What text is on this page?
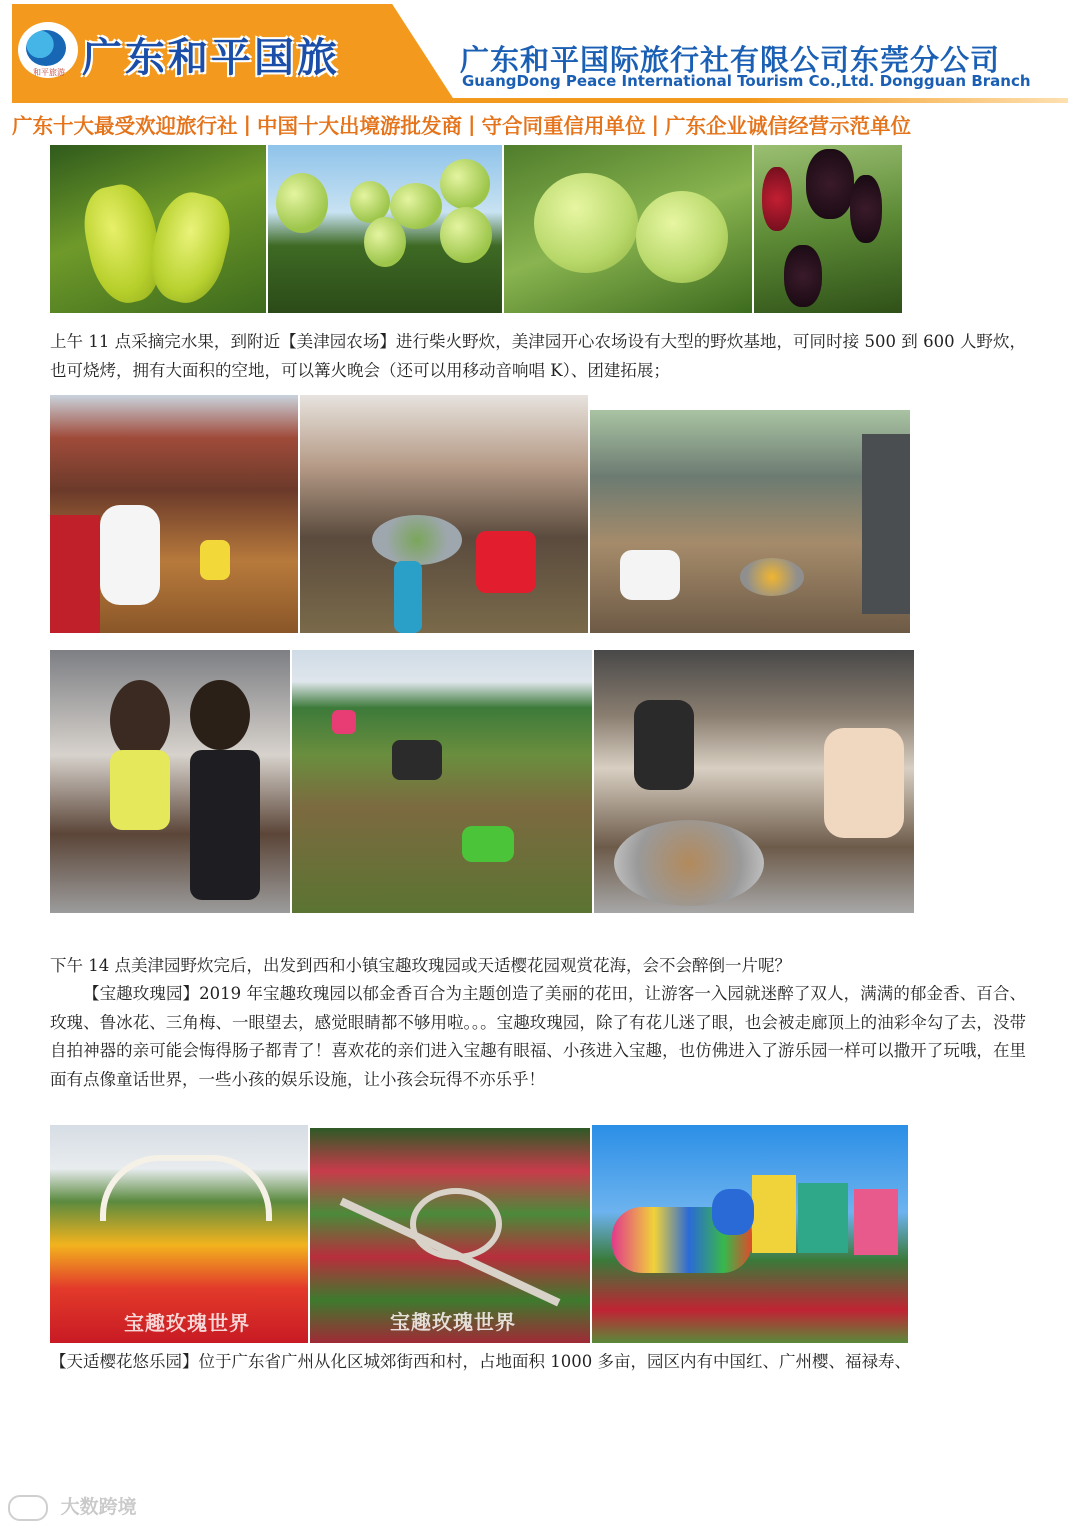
和平旅游 广东和平国旅	广东和平国际旅行社有限公司东莞分公司
GuangDong Peace International Tourism Co.,Ltd. Dongguan Branch
广东十大最受欢迎旅行社 | 中国十大出境游批发商 | 守合同重信用单位 | 广东企业诚信经营示范单位
上午 11 点采摘完水果，到附近【美津园农场】进行柴火野炊，美津园开心农场设有大型的野炊基地，可同时接 500 到 600 人野炊，也可烧烤，拥有大面积的空地，可以篝火晚会（还可以用移动音响唱 K）、团建拓展；
下午 14 点美津园野炊完后，出发到西和小镇宝趣玫瑰园或天适樱花园观赏花海，会不会醉倒一片呢？
【宝趣玫瑰园】2019 年宝趣玫瑰园以郁金香百合为主题创造了美丽的花田，让游客一入园就迷醉了双人，满满的郁金香、百合、玫瑰、鲁冰花、三角梅、一眼望去，感觉眼睛都不够用啦。。。宝趣玫瑰园，除了有花儿迷了眼，也会被走廊顶上的油彩伞勾了去，没带自拍神器的亲可能会悔得肠子都青了！喜欢花的亲们进入宝趣有眼福、小孩进入宝趣，也仿佛进入了游乐园一样可以撒开了玩哦，在里面有点像童话世界，一些小孩的娱乐设施，让小孩会玩得不亦乐乎！
宝趣玫瑰世界	宝趣玫瑰世界
【天适樱花悠乐园】位于广东省广州从化区城郊街西和村，占地面积 1000 多亩，园区内有中国红、广州樱、福禄寿、
大数跨境
